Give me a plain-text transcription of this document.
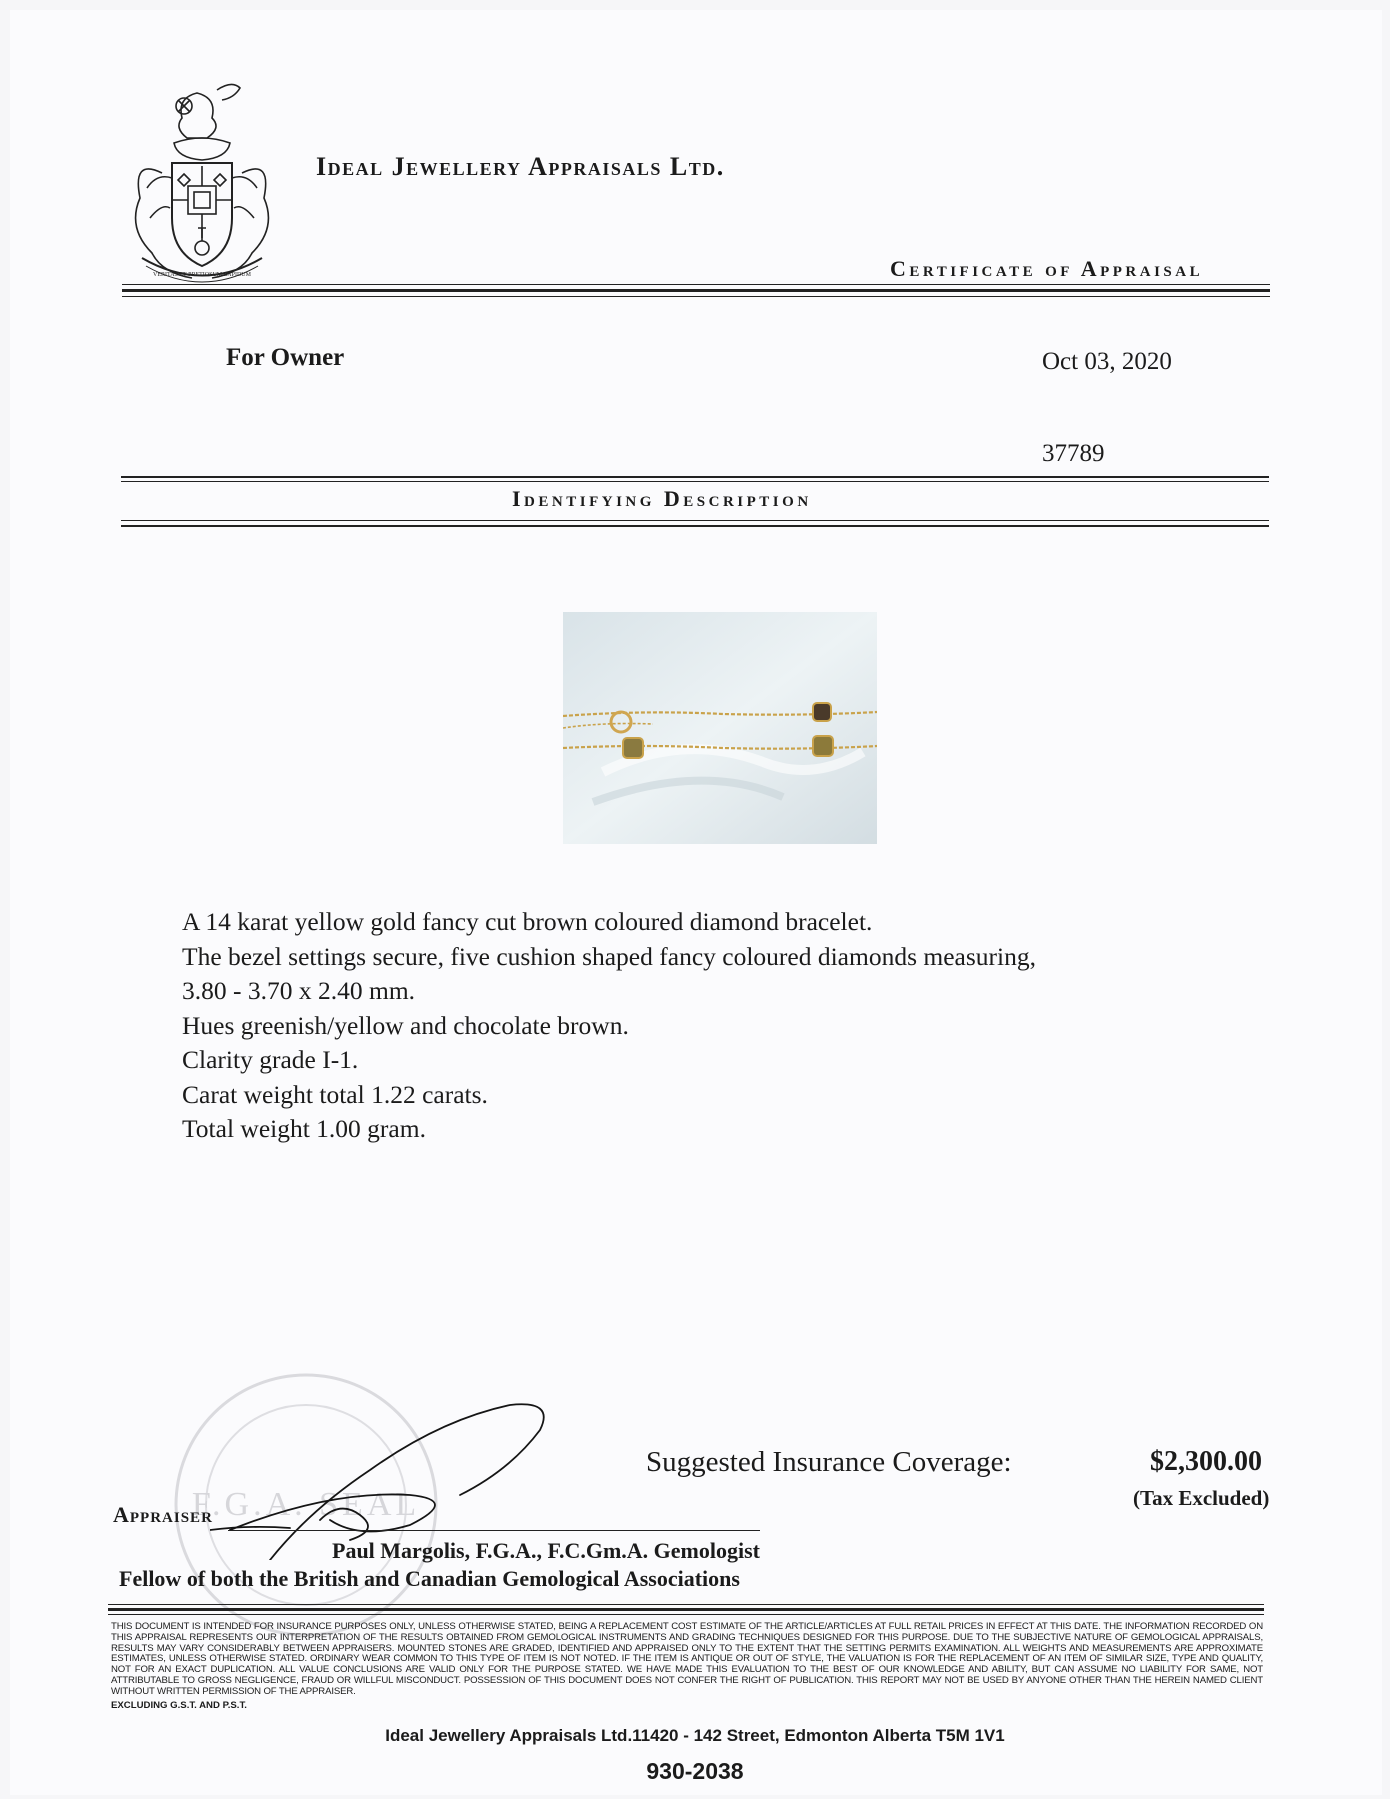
VERITAS ET PRETIOSUM LAPIDUM
Ideal Jewellery Appraisals Ltd.
Certificate of Appraisal
For Owner	Oct 03, 2020
37789
Identifying Description
A 14 karat yellow gold fancy cut brown coloured diamond bracelet.
The bezel settings secure, five cushion shaped fancy coloured diamonds measuring,
3.80 - 3.70 x 2.40 mm.
Hues greenish/yellow and chocolate brown.
Clarity grade I-1.
Carat weight total 1.22 carats.
Total weight 1.00 gram.
F.G.A. SEAL
Appraiser
Paul Margolis, F.G.A., F.C.Gm.A. Gemologist
Fellow of both the British and Canadian Gemological Associations
Suggested Insurance Coverage:	$2,300.00
(Tax Excluded)
THIS DOCUMENT IS INTENDED FOR INSURANCE PURPOSES ONLY, UNLESS OTHERWISE STATED, BEING A REPLACEMENT COST ESTIMATE OF THE ARTICLE/ARTICLES AT FULL RETAIL PRICES IN EFFECT AT THIS DATE. THE INFORMATION RECORDED ON THIS APPRAISAL REPRESENTS OUR INTERPRETATION OF THE RESULTS OBTAINED FROM GEMOLOGICAL INSTRUMENTS AND GRADING TECHNIQUES DESIGNED FOR THIS PURPOSE. DUE TO THE SUBJECTIVE NATURE OF GEMOLOGICAL APPRAISALS, RESULTS MAY VARY CONSIDERABLY BETWEEN APPRAISERS. MOUNTED STONES ARE GRADED, IDENTIFIED AND APPRAISED ONLY TO THE EXTENT THAT THE SETTING PERMITS EXAMINATION. ALL WEIGHTS AND MEASUREMENTS ARE APPROXIMATE ESTIMATES, UNLESS OTHERWISE STATED. ORDINARY WEAR COMMON TO THIS TYPE OF ITEM IS NOT NOTED. IF THE ITEM IS ANTIQUE OR OUT OF STYLE, THE VALUATION IS FOR THE REPLACEMENT OF AN ITEM OF SIMILAR SIZE, TYPE AND QUALITY, NOT FOR AN EXACT DUPLICATION. ALL VALUE CONCLUSIONS ARE VALID ONLY FOR THE PURPOSE STATED. WE HAVE MADE THIS EVALUATION TO THE BEST OF OUR KNOWLEDGE AND ABILITY, BUT CAN ASSUME NO LIABILITY FOR SAME, NOT ATTRIBUTABLE TO GROSS NEGLIGENCE, FRAUD OR WILLFUL MISCONDUCT. POSSESSION OF THIS DOCUMENT DOES NOT CONFER THE RIGHT OF PUBLICATION. THIS REPORT MAY NOT BE USED BY ANYONE OTHER THAN THE HEREIN NAMED CLIENT WITHOUT WRITTEN PERMISSION OF THE APPRAISER.
EXCLUDING G.S.T. AND P.S.T.
Ideal Jewellery Appraisals Ltd.11420 - 142 Street, Edmonton Alberta T5M 1V1
930-2038
